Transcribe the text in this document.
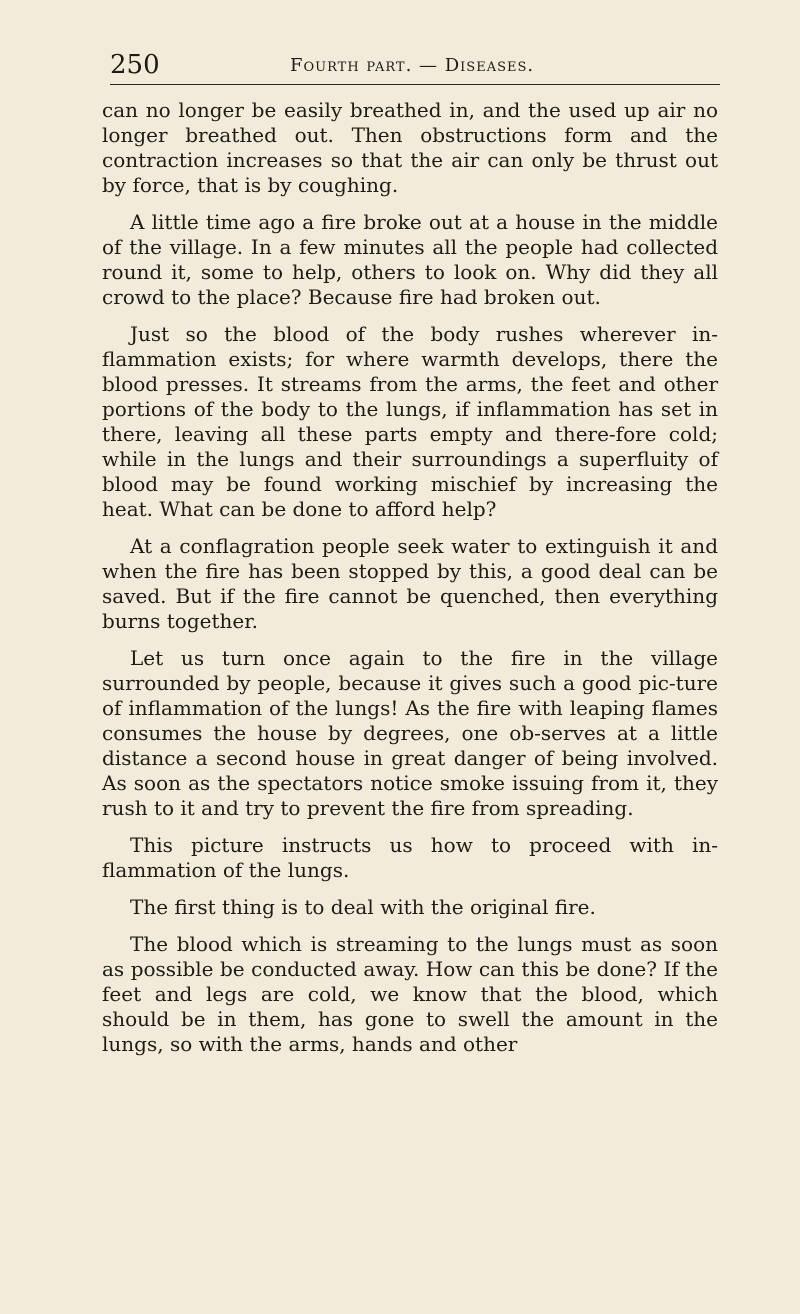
250	Fourth part. — Diseases.

can no longer be easily breathed in, and the used up air no longer breathed out. Then obstructions form and the contraction increases so that the air can only be thrust out by force, that is by coughing.

A little time ago a fire broke out at a house in the middle of the village. In a few minutes all the people had collected round it, some to help, others to look on. Why did they all crowd to the place? Because fire had broken out.

Just so the blood of the body rushes wherever in-flammation exists; for where warmth develops, there the blood presses. It streams from the arms, the feet and other portions of the body to the lungs, if inflammation has set in there, leaving all these parts empty and there-fore cold; while in the lungs and their surroundings a superfluity of blood may be found working mischief by increasing the heat. What can be done to afford help?

At a conflagration people seek water to extinguish it and when the fire has been stopped by this, a good deal can be saved. But if the fire cannot be quenched, then everything burns together.

Let us turn once again to the fire in the village surrounded by people, because it gives such a good pic-ture of inflammation of the lungs! As the fire with leaping flames consumes the house by degrees, one ob-serves at a little distance a second house in great danger of being involved. As soon as the spectators notice smoke issuing from it, they rush to it and try to prevent the fire from spreading.

This picture instructs us how to proceed with in-flammation of the lungs.

The first thing is to deal with the original fire.

The blood which is streaming to the lungs must as soon as possible be conducted away. How can this be done? If the feet and legs are cold, we know that the blood, which should be in them, has gone to swell the amount in the lungs, so with the arms, hands and other
